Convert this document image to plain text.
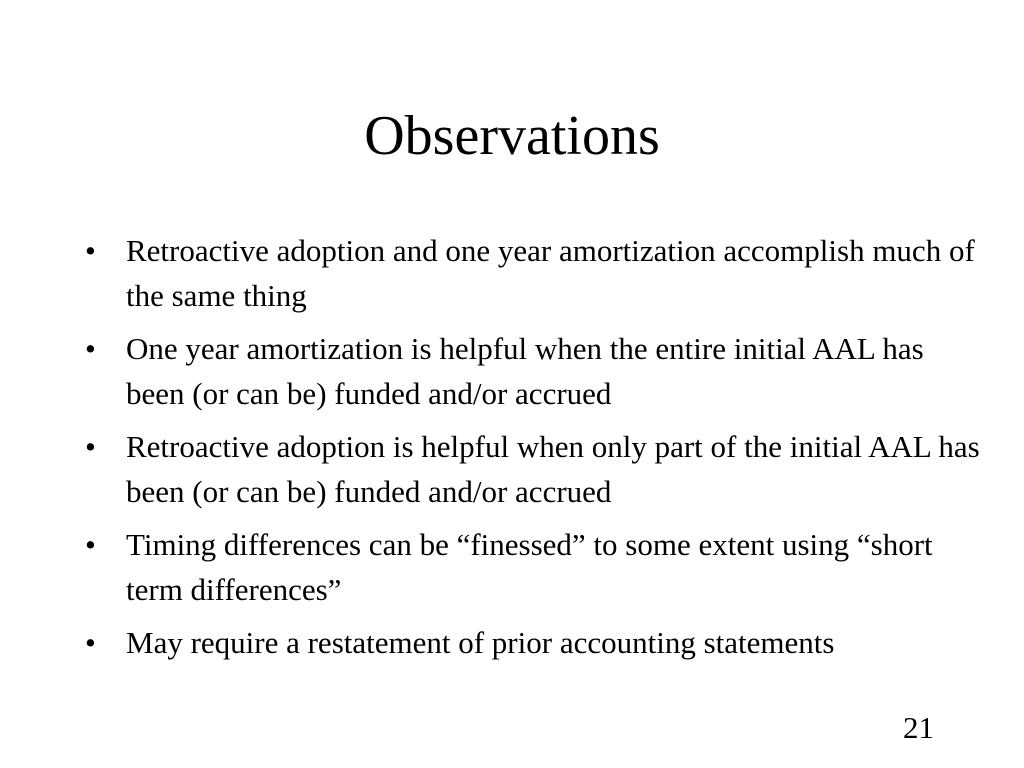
Observations
• Retroactive adoption and one year amortization accomplish much of the same thing
• One year amortization is helpful when the entire initial AAL has been (or can be) funded and/or accrued
• Retroactive adoption is helpful when only part of the initial AAL has been (or can be) funded and/or accrued
• Timing differences can be “finessed” to some extent using “short term differences”
• May require a restatement of prior accounting statements
21
